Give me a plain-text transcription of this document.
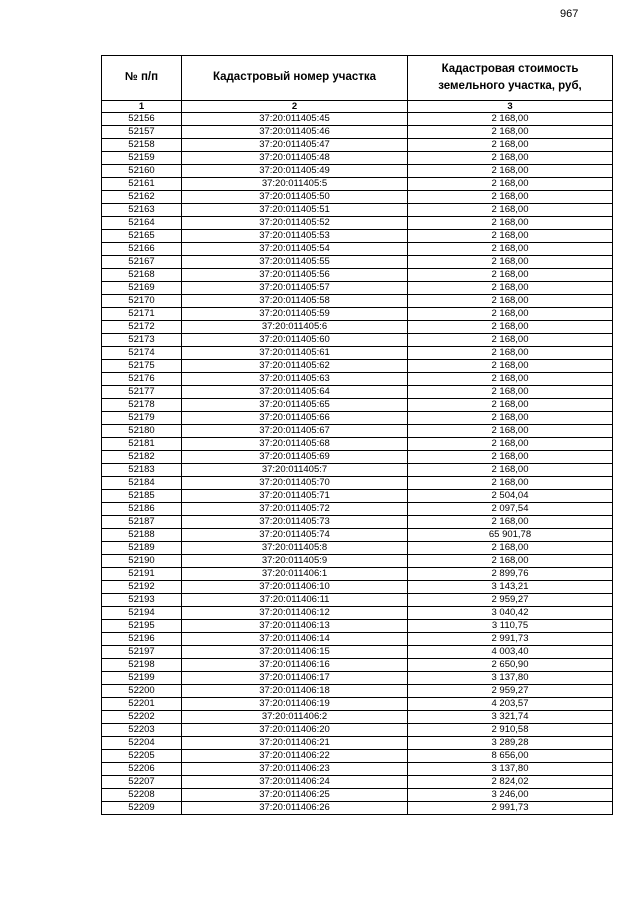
967
№ п/п	Кадастровый номер участка	Кадастровая стоимость земельного участка, руб,
1	2	3
52156	37:20:011405:45	2 168,00
52157	37:20:011405:46	2 168,00
52158	37:20:011405:47	2 168,00
52159	37:20:011405:48	2 168,00
52160	37:20:011405:49	2 168,00
52161	37:20:011405:5	2 168,00
52162	37:20:011405:50	2 168,00
52163	37:20:011405:51	2 168,00
52164	37:20:011405:52	2 168,00
52165	37:20:011405:53	2 168,00
52166	37:20:011405:54	2 168,00
52167	37:20:011405:55	2 168,00
52168	37:20:011405:56	2 168,00
52169	37:20:011405:57	2 168,00
52170	37:20:011405:58	2 168,00
52171	37:20:011405:59	2 168,00
52172	37:20:011405:6	2 168,00
52173	37:20:011405:60	2 168,00
52174	37:20:011405:61	2 168,00
52175	37:20:011405:62	2 168,00
52176	37:20:011405:63	2 168,00
52177	37:20:011405:64	2 168,00
52178	37:20:011405:65	2 168,00
52179	37:20:011405:66	2 168,00
52180	37:20:011405:67	2 168,00
52181	37:20:011405:68	2 168,00
52182	37:20:011405:69	2 168,00
52183	37:20:011405:7	2 168,00
52184	37:20:011405:70	2 168,00
52185	37:20:011405:71	2 504,04
52186	37:20:011405:72	2 097,54
52187	37:20:011405:73	2 168,00
52188	37:20:011405:74	65 901,78
52189	37:20:011405:8	2 168,00
52190	37:20:011405:9	2 168,00
52191	37:20:011406:1	2 899,76
52192	37:20:011406:10	3 143,21
52193	37:20:011406:11	2 959,27
52194	37:20:011406:12	3 040,42
52195	37:20:011406:13	3 110,75
52196	37:20:011406:14	2 991,73
52197	37:20:011406:15	4 003,40
52198	37:20:011406:16	2 650,90
52199	37:20:011406:17	3 137,80
52200	37:20:011406:18	2 959,27
52201	37:20:011406:19	4 203,57
52202	37:20:011406:2	3 321,74
52203	37:20:011406:20	2 910,58
52204	37:20:011406:21	3 289,28
52205	37:20:011406:22	8 656,00
52206	37:20:011406:23	3 137,80
52207	37:20:011406:24	2 824,02
52208	37:20:011406:25	3 246,00
52209	37:20:011406:26	2 991,73
